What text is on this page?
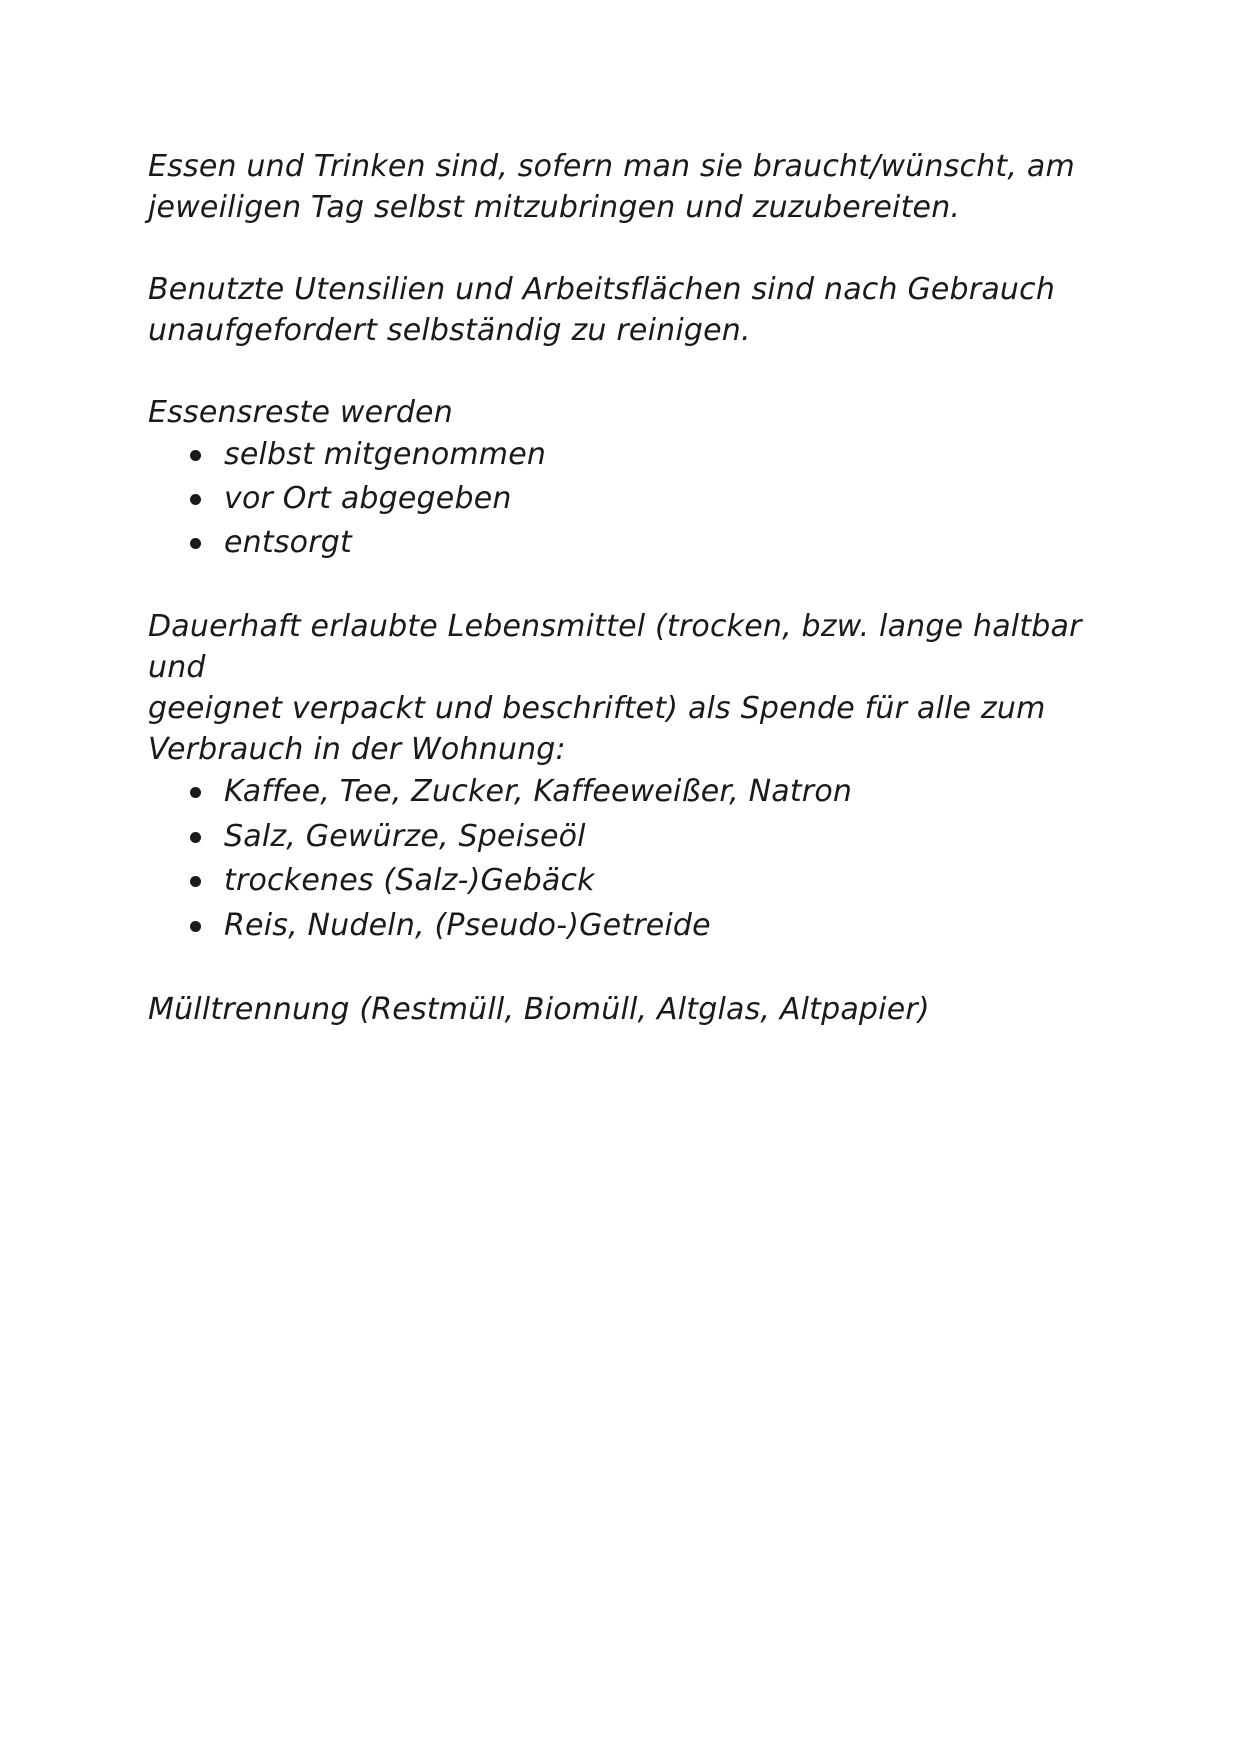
Essen und Trinken sind, sofern man sie braucht/wünscht, am

jeweiligen Tag selbst mitzubringen und zuzubereiten.

Benutzte Utensilien und Arbeitsflächen sind nach Gebrauch

unaufgefordert selbständig zu reinigen.

Essensreste werden

selbst mitgenommen
vor Ort abgegeben
entsorgt

Dauerhaft erlaubte Lebensmittel (trocken, bzw. lange haltbar und

geeignet verpackt und beschriftet) als Spende für alle zum

Verbrauch in der Wohnung:

Kaffee, Tee, Zucker, Kaffeeweißer, Natron
Salz, Gewürze, Speiseöl
trockenes (Salz-)Gebäck
Reis, Nudeln, (Pseudo-)Getreide

Mülltrennung (Restmüll, Biomüll, Altglas, Altpapier)
